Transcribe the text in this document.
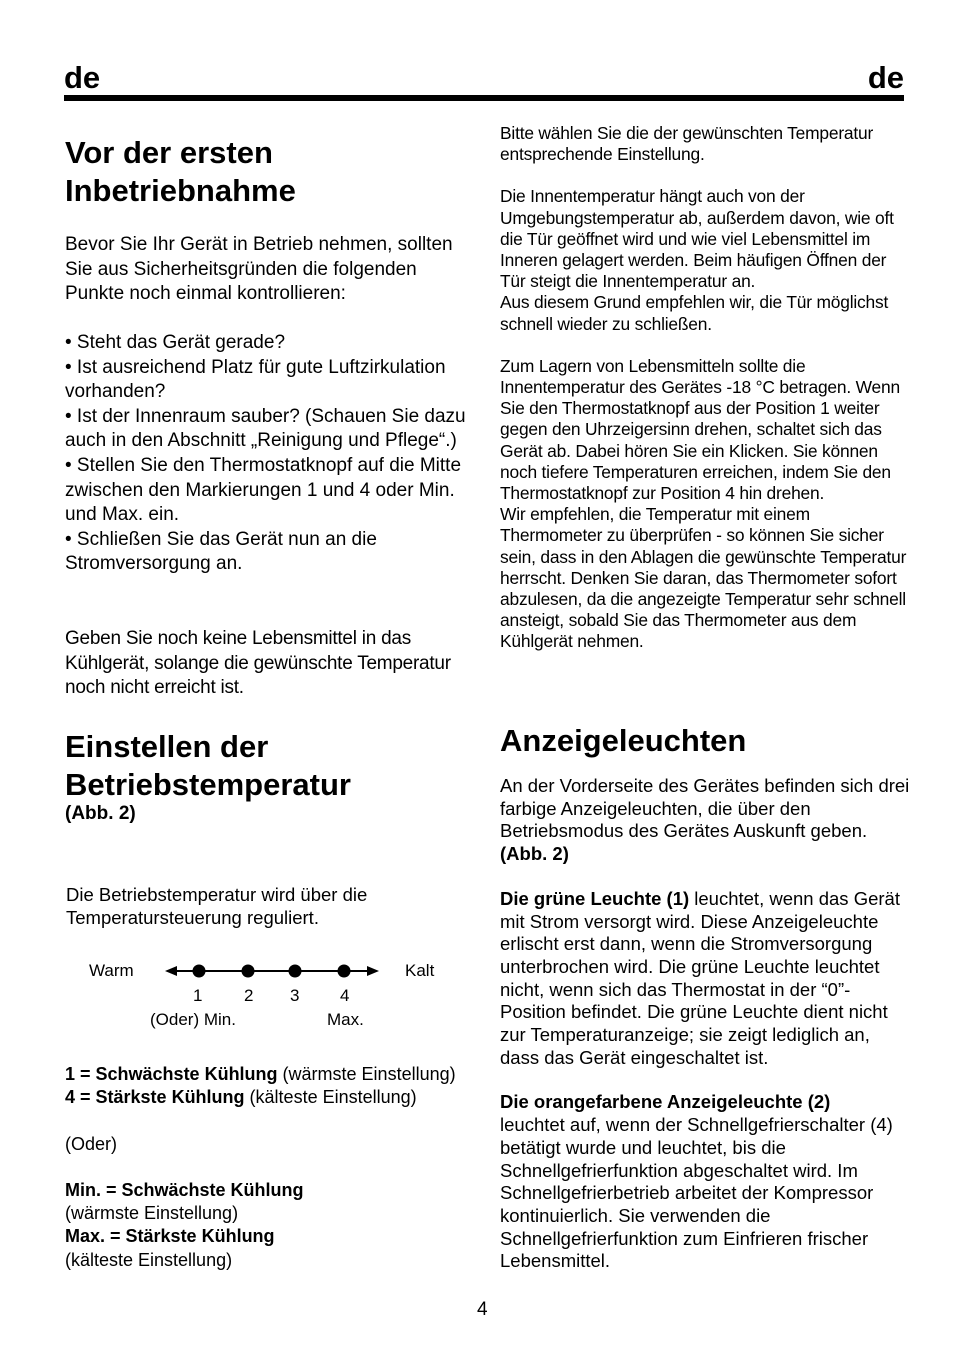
de	de
Vor der ersten
Inbetriebnahme

Bevor Sie Ihr Gerät in Betrieb nehmen, sollten Sie aus Sicherheitsgründen die folgenden Punkte noch einmal kontrollieren:

• Steht das Gerät gerade?

• Ist ausreichend Platz für gute Luftzirkulation vorhanden?

• Ist der Innenraum sauber? (Schauen Sie dazu auch in den Abschnitt „Reinigung und Pflege“.)

• Stellen Sie den Thermostatknopf auf die Mitte zwischen den Markierungen 1 und 4 oder Min. und Max. ein.

• Schließen Sie das Gerät nun an die Stromversorgung an.

Geben Sie noch keine Lebensmittel in das Kühlgerät, solange die gewünschte Temperatur noch nicht erreicht ist.

Einstellen der
Betriebstemperatur

(Abb. 2)

Die Betriebstemperatur wird über die Temperatursteuerung reguliert.

Warm	Kalt
1 2 3 4
(Oder) Min.	Max.

1 = Schwächste Kühlung (wärmste Einstellung)

4 = Stärkste Kühlung (kälteste Einstellung)

(Oder)

Min. = Schwächste Kühlung

(wärmste Einstellung)

Max. = Stärkste Kühlung

(kälteste Einstellung)

Bitte wählen Sie die der gewünschten Temperatur entsprechende Einstellung.

Die Innentemperatur hängt auch von der Umgebungstemperatur ab, außerdem davon, wie oft die Tür geöffnet wird und wie viel Lebensmittel im Inneren gelagert werden. Beim häufigen Öffnen der Tür steigt die Innentemperatur an.

Aus diesem Grund empfehlen wir, die Tür möglichst schnell wieder zu schließen.

Zum Lagern von Lebensmitteln sollte die Innentemperatur des Gerätes -18 °C betragen. Wenn Sie den Thermostatknopf aus der Position 1 weiter gegen den Uhrzeigersinn drehen, schaltet sich das Gerät ab. Dabei hören Sie ein Klicken. Sie können noch tiefere Temperaturen erreichen, indem Sie den Thermostatknopf zur Position 4 hin drehen.

Wir empfehlen, die Temperatur mit einem Thermometer zu überprüfen - so können Sie sicher sein, dass in den Ablagen die gewünschte Temperatur herrscht. Denken Sie daran, das Thermometer sofort abzulesen, da die angezeigte Temperatur sehr schnell ansteigt, sobald Sie das Thermometer aus dem Kühlgerät nehmen.

Anzeigeleuchten

An der Vorderseite des Gerätes befinden sich drei farbige Anzeigeleuchten, die über den Betriebsmodus des Gerätes Auskunft geben.

(Abb. 2)

Die grüne Leuchte (1) leuchtet, wenn das Gerät mit Strom versorgt wird. Diese Anzeigeleuchte erlischt erst dann, wenn die Stromversorgung unterbrochen wird. Die grüne Leuchte leuchtet nicht, wenn sich das Thermostat in der “0”-Position befindet. Die grüne Leuchte dient nicht zur Temperaturanzeige; sie zeigt lediglich an, dass das Gerät eingeschaltet ist.

Die orangefarbene Anzeigeleuchte (2)

leuchtet auf, wenn der Schnellgefrierschalter (4) betätigt wurde und leuchtet, bis die Schnellgefrierfunktion abgeschaltet wird. Im Schnellgefrierbetrieb arbeitet der Kompressor kontinuierlich. Sie verwenden die Schnellgefrierfunktion zum Einfrieren frischer Lebensmittel.

4
